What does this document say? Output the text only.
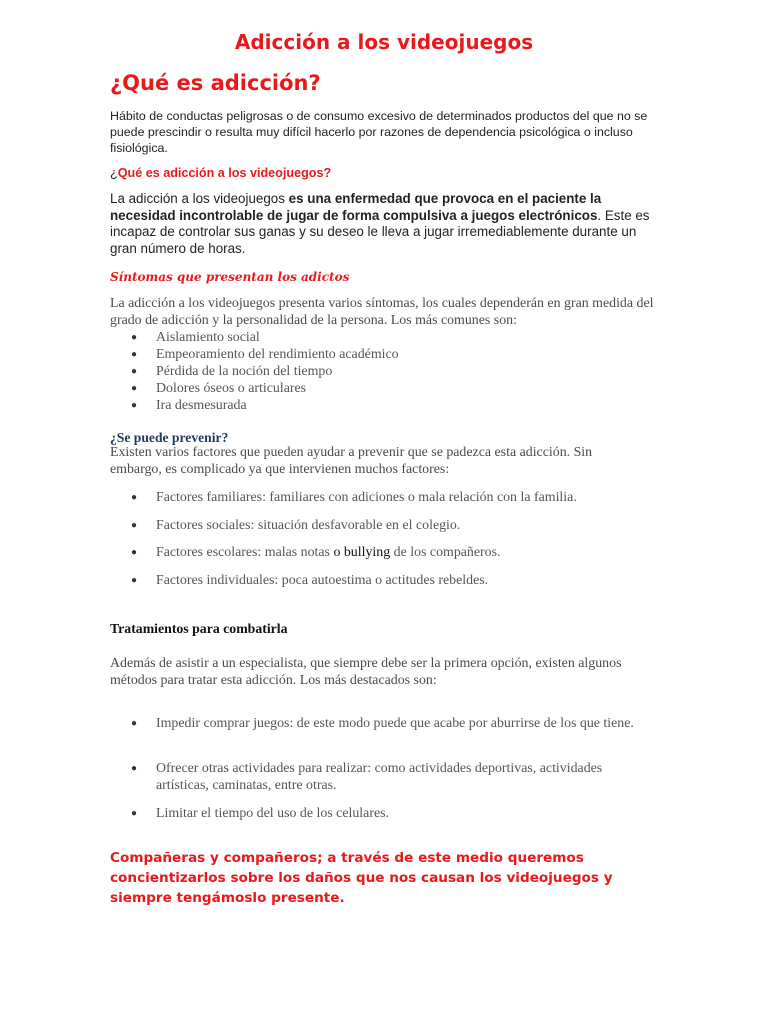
Adicción a los videojuegos
¿Qué es adicción?

Hábito de conductas peligrosas o de consumo excesivo de determinados productos del que no se puede prescindir o resulta muy difícil hacerlo por razones de dependencia psicológica o incluso fisiológica.

¿Qué es adicción a los videojuegos?

La adicción a los videojuegos es una enfermedad que provoca en el paciente la necesidad incontrolable de jugar de forma compulsiva a juegos electrónicos. Este es incapaz de controlar sus ganas y su deseo le lleva a jugar irremediablemente durante un gran número de horas.

Síntomas que presentan los adictos

La adicción a los videojuegos presenta varios síntomas, los cuales dependerán en gran medida del grado de adicción y la personalidad de la persona. Los más comunes son:

● Aislamiento social
● Empeoramiento del rendimiento académico
● Pérdida de la noción del tiempo
● Dolores óseos o articulares
● Ira desmesurada
¿Se puede prevenir?

Existen varios factores que pueden ayudar a prevenir que se padezca esta adicción. Sin embargo, es complicado ya que intervienen muchos factores:

● Factores familiares: familiares con adiciones o mala relación con la familia.
● Factores sociales: situación desfavorable en el colegio.
● Factores escolares: malas notas o bullying de los compañeros.
● Factores individuales: poca autoestima o actitudes rebeldes.
Tratamientos para combatirla

Además de asistir a un especialista, que siempre debe ser la primera opción, existen algunos métodos para tratar esta adicción. Los más destacados son:

● Impedir comprar juegos: de este modo puede que acabe por aburrirse de los que tiene.
● Ofrecer otras actividades para realizar: como actividades deportivas, actividades artísticas, caminatas, entre otras.
● Limitar el tiempo del uso de los celulares.

Compañeras y compañeros; a través de este medio queremos concientizarlos sobre los daños que nos causan los videojuegos y siempre tengámoslo presente.
